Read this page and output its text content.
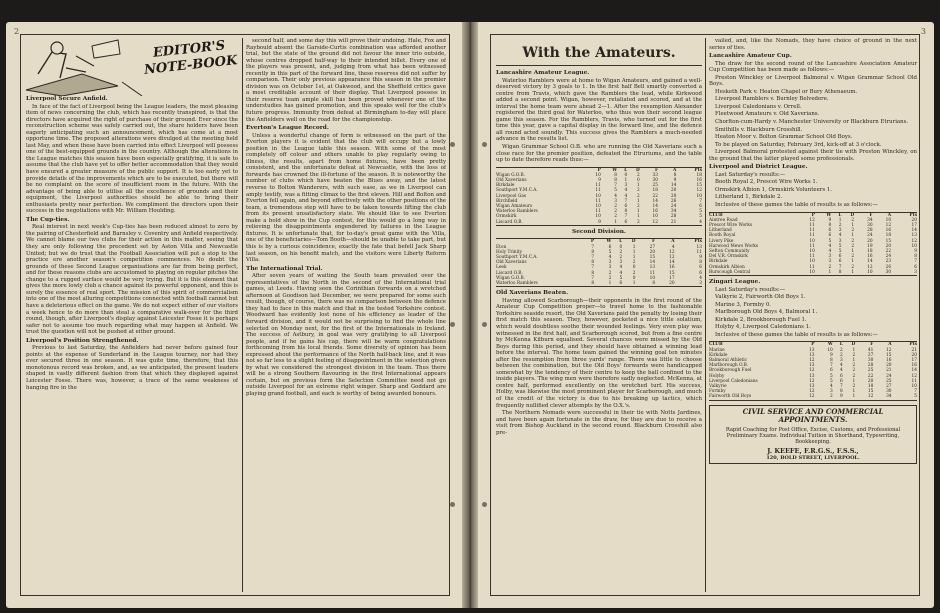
2
EDITOR'S NOTE-BOOK
Liverpool Secure Anfield.

In face of the fact of Liverpool being the League leaders, the most pleasing item of news concerning the club, which has recently transpired, is that the directors have acquired the right of purchase of their ground. Ever since the reconstruction scheme was safely carried out, the share holders have been eagerly anticipating such an announcement, which has come at a most opportune time. The proposed alterations were divulged at the meeting held last May, and when these have been carried into effect Liverpool will possess one of the best-equipped grounds in the country. Although the alterations in the League matches this season have been especially gratifying, it is safe to assume that the club have yet to offer better accommodation that they would have ensured a greater measure of the public support. It is too early yet to provide details of the improvements which are to be executed, but there will be no complaint on the score of insufficient room in the future. With the advantage of being able to utilise all the excellence of grounds and their equipment, the Liverpool authorities should be able to bring their enthusiasts pretty near perfection. We compliment the directors upon their success in the negotiations with Mr. William Houlding.

The Cup-ties.

Real interest in next week's Cup-ties has been reduced almost to zero by the pairing of Chesterfield and Barnsley v. Coventry and Anfield respectively. We cannot blame our two clubs for their action in this matter, seeing that they are only following the precedent set by Aston Villa and Newcastle United; but we do trust that the Football Association will put a stop to the practice ere another season's competition commences. No doubt the grounds of these Second League organisations are far from being perfect, and for these reasons clubs are accustomed to playing on regular pitches the change to a rugged surface would be very trying. But it is this element that gives the more lowly club a chance against its powerful opponent, and this is surely the essence of real sport. The mission of this spirit of commercialism into one of the most alluring competitions connected with football cannot but have a deleterious effect on the game. We do not expect either of our visitors a week hence to do more than steal a comparative walk-over for the third round, though, after Liverpool's display against Leicester Fosse it is perhaps safer not to assume too much regarding what may happen at Anfield. We trust the question will not be pushed at either ground.

Liverpool's Position Strengthened.

Previous to last Saturday, the Anfielders had never before gained four points at the expense of Sunderland in the League tourney, nor had they ever secured three in one season. It was quite time, therefore, that this monotonous record was broken, and, as we anticipated, the present leaders shaped in vastly different fashion from that which they displayed against Leicester Fosse. There was, however, a trace of the same weakness of hanging fire in the

second half, and some day this will prove their undoing. Hale, Fox and Raybould absent the Garside-Curtis combination was afforded another trial, but the state of the ground did not favour the inner trio outside, whose centres dropped half-way to their intended billet. Every one of the players was present, and, judging from what has been witnessed recently in this part of the forward line, these reserves did not suffer by comparison. Their only previous appearance this season in the premier division was on October 1st, at Oakwood, and the Sheffield critics gave a most creditable account of their display. That Liverpool possess in their reserve team ample skill has been proved whenever one of the understudies has gained promotion, and this speaks well for the club's future progress. Immunity from defeat at Birmingham to-day will place the Anfielders well on the road for the championship.

Everton's League Record.

Unless a wonderful change of form is witnessed on the part of the Everton players it is evident that the club will occupy but a lowly position in the League table this season. With some of the most completely off colour and others unable to play regularly owing to illness, the results, apart from home fixtures, have been pretty consistent, and the unfortunate defeat at Newcastle, with the loss of forwards has crowned the ill-fortune of the season. It is noteworthy the number of clubs which have beaten the Blues away, and the latest reverse to Bolton Wanderers, with such ease, as we in Liverpool can amply testify, was a fitting climax to the first eleven. Hill and Bolton and Everton fell again, and beyond effectively with the other positions of the team, a tremendous step will have to be taken towards lifting the club from its present unsatisfactory state. We should like to see Everton make a bold show in the Cup contest, for this would go a long way in relieving the disappointments engendered by failures in the League fixtures. It is unfortunate that, for to-day's great game with the Villa, one of the beneficiaries—Tom Booth—should be unable to take part, but this is by a curious coincidence, exactly the fate that befell Jack Sharp last season, on his benefit match, and the visitors were Liberty Reform Villa.

The International Trial.

After seven years of waiting the South team prevailed over the representatives of the North in the second of the International trial games, at Leeds. Having seen the Corinthian forwards on a wretched afternoon at Goodison last December, we were prepared for some such result, though, of course, there was no comparison between the defence they had to face in this match and that in the tested Yorkshire contest. Woodward has evidently lost none of his efficiency as leader of the forward division, and it would not be surprising to find the whole line selected on Monday next, for the first of the Internationals in Ireland. The success of Astbury, in goal was very gratifying to all Liverpool people, and if he gains his cap, there will be warm congratulations forthcoming from his local friends. Some diversity of opinion has been expressed about the performance of the North half-back line, and it was not so far less to a slight feeling of disappointment in the selection given by what we considered the strongest division in the team. Thus there will be a strong Southern flavouring in the first International appears certain, but on previous form the Selection Committee need not go outside Liverpool for an extreme right winger. Sharp and Goddard are playing grand football, and each is worthy of being awarded honours.

3
With the Amateurs.
Lancashire Amateur League.

Waterloo Ramblers were at home to Wigan Amateurs, and gained a well-deserved victory by 3 goals to 1. In the first half Bell smartly converted a centre from Travis, which gave the Ramblers the lead, while Kirkwood added a second point. Wigan, however, retaliated and scored, and at the interval the home team were ahead 2—1. After the resumption Alexander registered the third goal for Waterloo, who thus won their second league game this season. For the Ramblers, Travis, who turned out for the first time this year, gave a capital display in the forward line, and the defence all round acted soundly. This success gives the Ramblers a much-needed advance in the results list.

Wigan Grammar School O.B. who are running the Old Xaverians such a close race for the premier position, defeated the Etruriums, and the table up to date therefore reads thus:—

	P	W	L	D	F	A	Pts
Wigan G.O.B.	10	8	0	2	33	8	18
Old Xaverians	9	8	1	0	30	9	16
Birkdale	11	7	3	1	25	14	15
Southport Y.M.C.A.	11	5	4	2	18	20	12
Liverpool Gas	10	4	4	2	22	20	10
Birchfield	11	3	7	1	14	26	7
Wigan Amateurs	10	2	6	2	14	24	6
Waterloo Ramblers	11	2	8	1	16	34	5
Ormskirk	10	2	7	1	10	28	5
Liscard O.B.	9	1	6	2	12	21	4
Second Division.
	P	W	L	D	F	A	Pts
Eton	7	6	0	1	27	4	13
Holy Trinity	8	5	2	1	20	12	11
Southport Y.M.C.A.	7	4	2	1	15	12	9
Old Xaverians	8	3	3	2	14	14	8
Leek	7	3	4	0	13	16	6
Liscard O.B.	8	2	4	2	11	15	6
Wigan G.O.B.	7	2	5	0	10	17	4
Waterloo Ramblers	8	1	6	1	8	20	3
Old Xaverians Beaten.

Having allowed Scarborough—their opponents in the first round of the Amateur Cup Competition proper—to travel home to the fashionable Yorkshire seaside resort, the Old Xaverians paid the penalty by losing their first match this season. They, however, pocketed a nice little solatium, which would doubtless soothe their wounded feelings. Very even play was witnessed in the first half, and Scarborough scored, but from a fine centre by McKenna Kilburn equalised. Several chances were missed by the Old Boys during this period, and they should have obtained a winning lead before the interval. The home team gained the winning goal ten minutes after the resumption from three yards' range. There was little to choose between the combination, but the Old Boys' forwards were handicapped somewhat by the tendency of their centre to keep the ball confined to the inside players. The wing men were therefore sadly neglected. McKenna, at centre half, performed excellently on the wretched turf. His success, Holby, was likewise the most prominent player for Scarborough, and much of the credit of the victory is due to his breaking up tactics, which frequently nullified clever attempts by the O.X.'s.

The Northern Nomads were successful in their tie with Notts Jardines, and have been again fortunate in the draw, for they are due to receive a visit from Bishop Auckland in the second round. Blackburn Crosshill also pre-

vailed, and, like the Nomads, they have choice of ground in the next series of ties.

Lancashire Amateur Cup.

The draw for the second round of the Lancashire Association Amateur Cup Competition has been made as follows:—

Preston Winckley or Liverpool Balmoral v. Wigan Grammar School Old Boys.

Hesketh Park v. Heaton Chapel or Bury Athenaeum.

Liverpool Ramblers v. Burnley Belvedere.

Liverpool Caledonians v. Orrell.

Fleetwood Amateurs v. Old Xaverians.

Chorlton-cum-Hardy v. Manchester University or Blackburn Etrurians.

Smithills v. Blackburn Crosshill.

Heaton Moor v. Bolton Grammar School Old Boys.

To be played on Saturday, February 3rd, kick-off at 3 o'clock.

Liverpool Balmoral protested against their tie with Preston Winckley, on the ground that the latter played some professionals.

Liverpool and District League.

Last Saturday's results:—

Booth Royal 2, Prescot Wire Works 1.

Ormskirk Albion 1, Ormskirk Volunteers 1.

Litherland 1, Birkdale 2.

Inclusive of these games the table of results is as follows:—

CLUB	P	W	L	D	F	A	Pts
Aintree Road	12	9	1	2	34	10	20
Prescot Wire Works	11	8	2	1	30	12	17
Litherland	11	6	3	2	28	16	14
Booth Royal	11	6	4	1	24	18	13
Livery Pike	10	5	3	2	20	15	12
Harwood Mews Works	11	4	5	2	19	20	10
Sefton Community	10	4	5	1	18	22	9
Del V.R. Ormskirk	11	3	6	2	16	24	8
Birkdale	10	3	6	1	14	23	7
Ormskirk Albion	11	2	7	2	12	26	6
Burscough Central	10	1	8	1	10	30	3
Zingari League.

Last Saturday's results:—

Valkyrie 2, Fairworth Old Boys 1.

Marine 3, Formby 0.

Marlborough Old Boys 4, Balmoral 1.

Kirkdale 2, Brookborough Fuel 1.

Holyby 4, Liverpool Caledonians 1.

Inclusive of these games the table of results is as follows:—

CLUB	P	W	L	D	F	A	Pts
Marine	13	10	2	1	41	12	21
Kirkdale	13	9	2	2	37	15	20
Balmoral Athletic	12	8	3	1	30	16	17
Marlborough O.B.	13	7	4	2	28	20	16
Brookborough Fuel	12	6	4	2	25	21	14
Holyby	13	5	6	2	22	24	12
Liverpool Caledonians	12	5	6	1	20	25	11
Valkyrie	13	4	7	2	18	27	10
Formby	12	3	8	1	15	30	7
Fairworth Old Boys	12	2	9	1	12	34	5
CIVIL SERVICE AND COMMERCIAL APPOINTMENTS.
Rapid Coaching for Post Office, Excise, Customs, and Professional Preliminary Exams. Individual Tuition in Shorthand, Typewriting, Bookkeeping.
J. KEEFE, F.R.G.S., F.S.S.,
120, BOLD STREET, LIVERPOOL.
